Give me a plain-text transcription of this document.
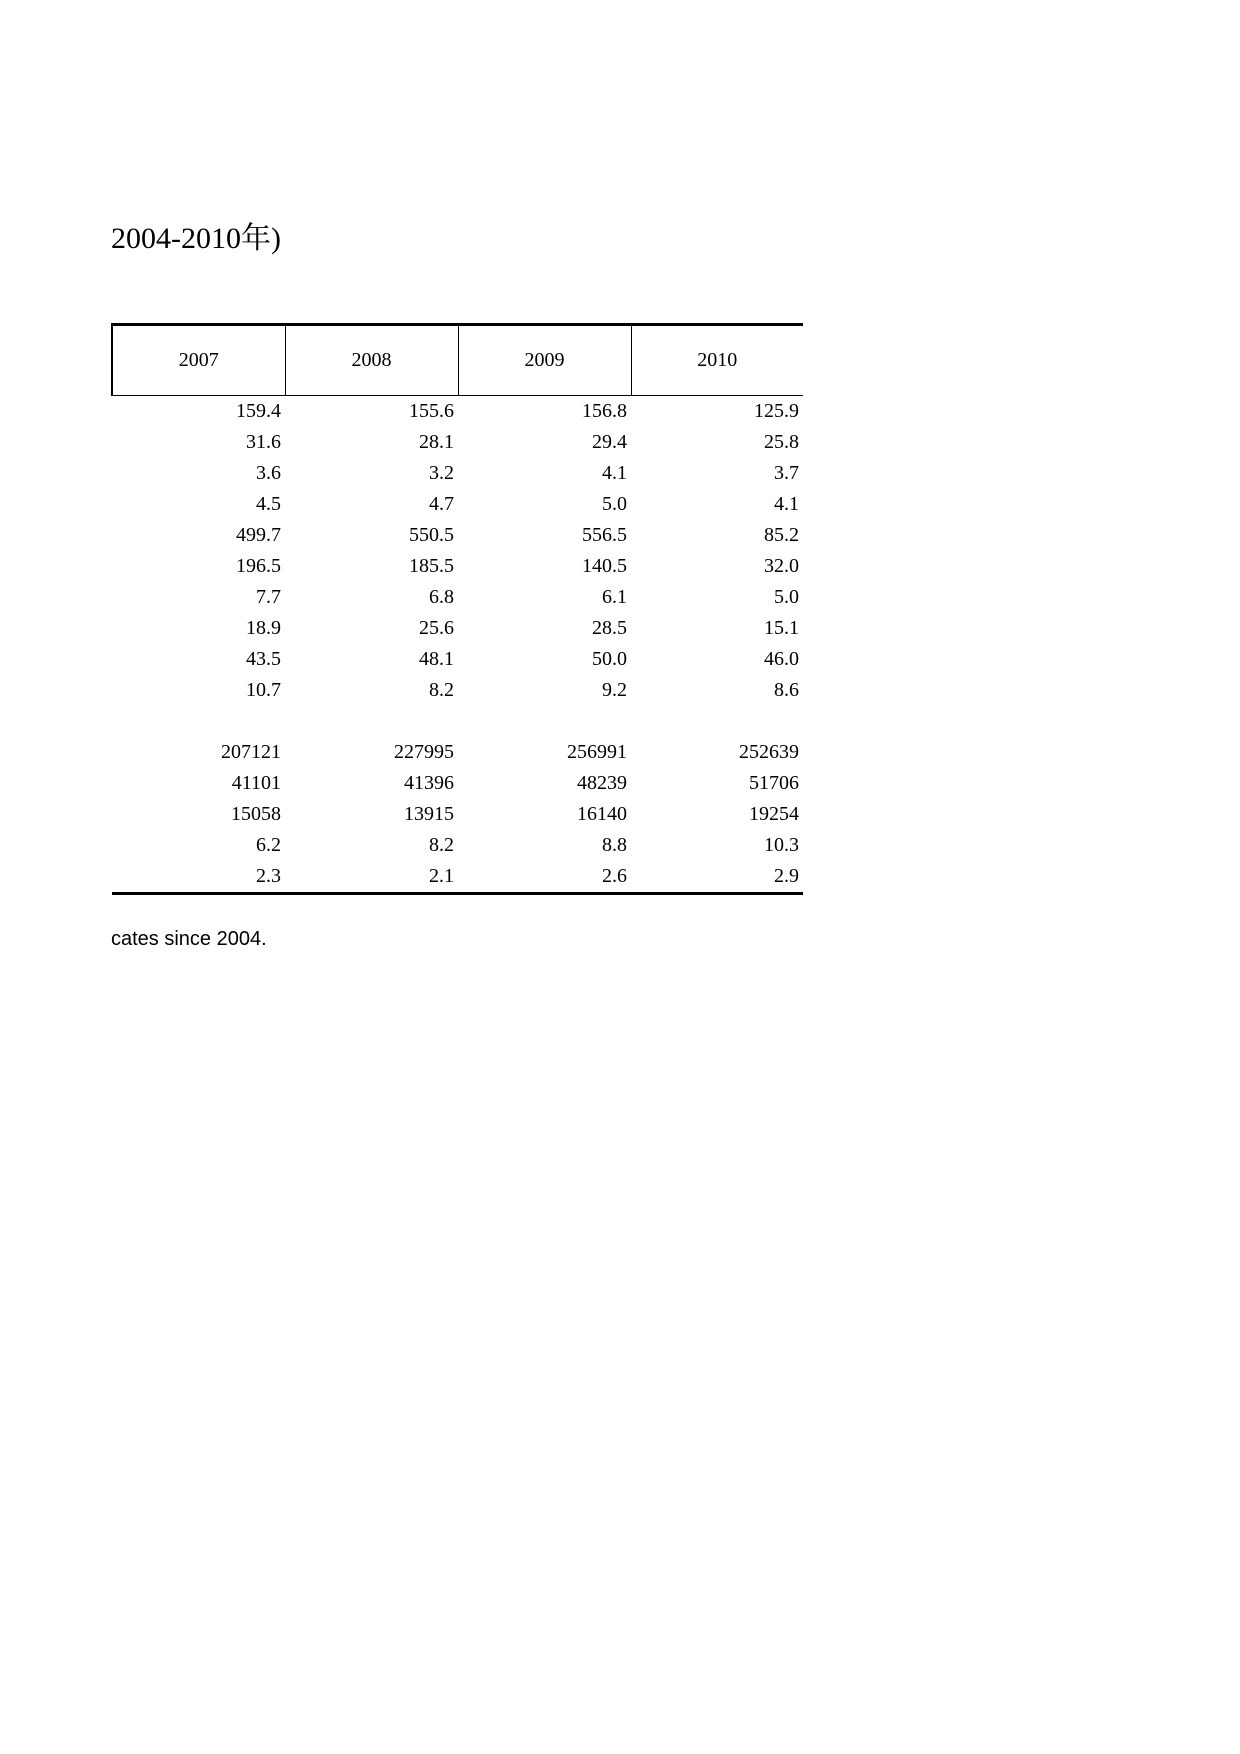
2004-2010年)
2007	2008	2009	2010
159.4	155.6	156.8	125.9
31.6	28.1	29.4	25.8
3.6	3.2	4.1	3.7
4.5	4.7	5.0	4.1
499.7	550.5	556.5	85.2
196.5	185.5	140.5	32.0
7.7	6.8	6.1	5.0
18.9	25.6	28.5	15.1
43.5	48.1	50.0	46.0
10.7	8.2	9.2	8.6

207121	227995	256991	252639
41101	41396	48239	51706
15058	13915	16140	19254
6.2	8.2	8.8	10.3
2.3	2.1	2.6	2.9
cates since 2004.
